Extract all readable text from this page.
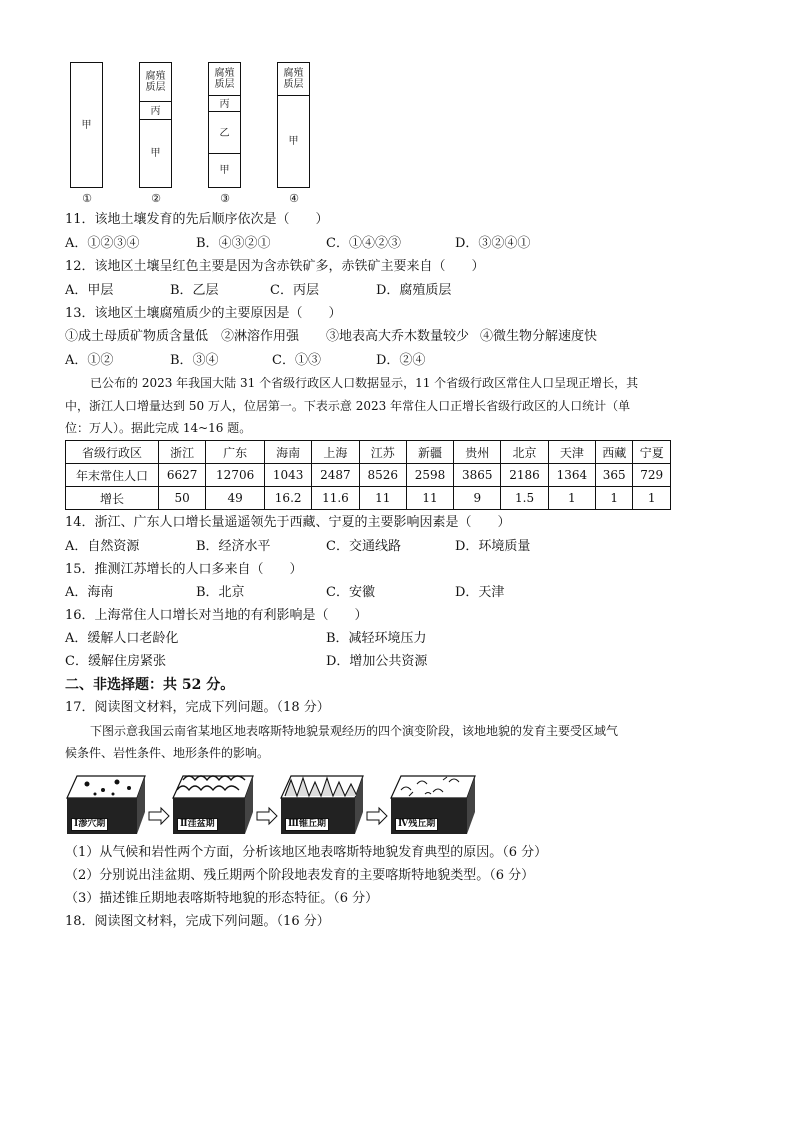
甲
①
腐殖质层
丙
甲
②
腐殖质层
丙
乙
甲
③
腐殖质层
甲
④
11．该地土壤发育的先后顺序依次是（　　）
A．①②③④	B．④③②①	C．①④②③	D．③②④①
12．该地区土壤呈红色主要是因为含赤铁矿多，赤铁矿主要来自（　　）
A．甲层	B．乙层	C．丙层	D．腐殖质层
13．该地区土壤腐殖质少的主要原因是（　　）
①成土母质矿物质含量低 ②淋溶作用强 ③地表高大乔木数量较少 ④微生物分解速度快
A．①②	B．③④	C．①③	D．②④
已公布的 2023 年我国大陆 31 个省级行政区人口数据显示，11 个省级行政区常住人口呈现正增长，其
中，浙江人口增量达到 50 万人，位居第一。下表示意 2023 年常住人口正增长省级行政区的人口统计（单
位：万人）。据此完成 14~16 题。
省级行政区	浙江	广东	海南	上海	江苏	新疆	贵州	北京	天津	西藏	宁夏
年末常住人口	6627	12706	1043	2487	8526	2598	3865	2186	1364	365	729
增长	50	49	16.2	11.6	11	11	9	1.5	1	1	1
14．浙江、广东人口增长量遥遥领先于西藏、宁夏的主要影响因素是（　　）
A．自然资源	B．经济水平	C．交通线路	D．环境质量
15．推测江苏增长的人口多来自（　　）
A．海南	B．北京	C．安徽	D．天津
16．上海常住人口增长对当地的有利影响是（　　）
A．缓解人口老龄化	B．减轻环境压力
C．缓解住房紧张	D．增加公共资源
二、非选择题：共 52 分。
17．阅读图文材料，完成下列问题。（18 分）
下图示意我国云南省某地区地表喀斯特地貌景观经历的四个演变阶段，该地地貌的发育主要受区域气
候条件、岩性条件、地形条件的影响。
Ⅰ渗穴期	Ⅱ洼盆期	Ⅲ锥丘期	Ⅳ残丘期
（1）从气候和岩性两个方面，分析该地区地表喀斯特地貌发育典型的原因。（6 分）
（2）分别说出洼盆期、残丘期两个阶段地表发育的主要喀斯特地貌类型。（6 分）
（3）描述锥丘期地表喀斯特地貌的形态特征。（6 分）
18．阅读图文材料，完成下列问题。（16 分）
